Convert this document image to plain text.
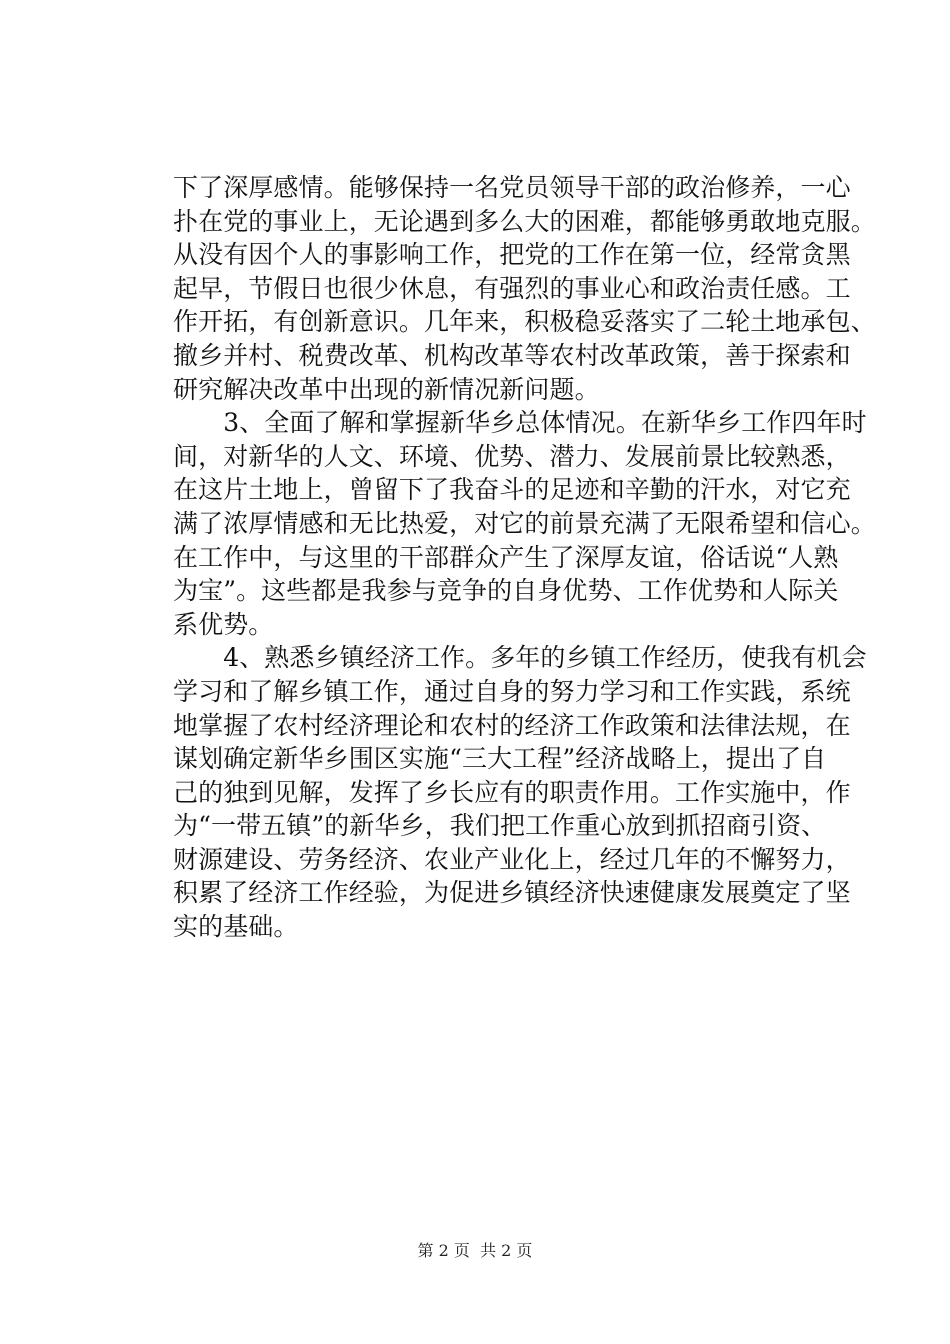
下了深厚感情。能够保持一名党员领导干部的政治修养，一心
扑在党的事业上，无论遇到多么大的困难，都能够勇敢地克服。
从没有因个人的事影响工作，把党的工作在第一位，经常贪黑
起早，节假日也很少休息，有强烈的事业心和政治责任感。工
作开拓，有创新意识。几年来，积极稳妥落实了二轮土地承包、
撤乡并村、税费改革、机构改革等农村改革政策，善于探索和
研究解决改革中出现的新情况新问题。
　　3、全面了解和掌握新华乡总体情况。在新华乡工作四年时
间，对新华的人文、环境、优势、潜力、发展前景比较熟悉，
在这片土地上，曾留下了我奋斗的足迹和辛勤的汗水，对它充
满了浓厚情感和无比热爱，对它的前景充满了无限希望和信心。
在工作中，与这里的干部群众产生了深厚友谊，俗话说“人熟
为宝”。这些都是我参与竞争的自身优势、工作优势和人际关
系优势。
　　4、熟悉乡镇经济工作。多年的乡镇工作经历，使我有机会
学习和了解乡镇工作，通过自身的努力学习和工作实践，系统
地掌握了农村经济理论和农村的经济工作政策和法律法规，在
谋划确定新华乡围区实施“三大工程”经济战略上，提出了自
己的独到见解，发挥了乡长应有的职责作用。工作实施中，作
为“一带五镇”的新华乡，我们把工作重心放到抓招商引资、
财源建设、劳务经济、农业产业化上，经过几年的不懈努力，
积累了经济工作经验，为促进乡镇经济快速健康发展奠定了坚
实的基础。
第 2 页  共 2 页
